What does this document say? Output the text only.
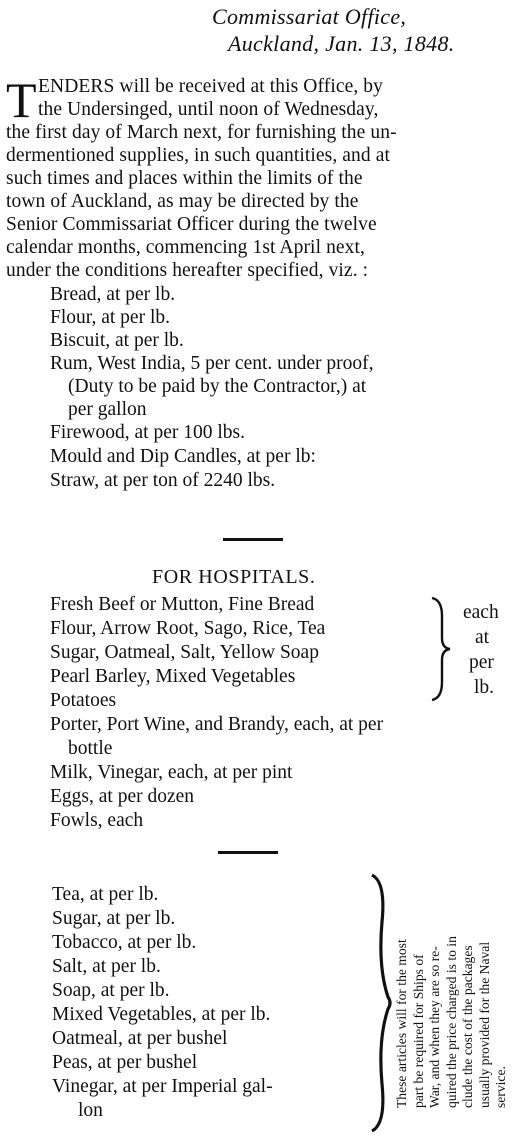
Commissariat Office,
Auckland, Jan. 13, 1848.
T ENDERS will be received at this Office, by
the Undersinged, until noon of Wednesday,
the first day of March next, for furnishing the un-
dermentioned supplies, in such quantities, and at
such times and places within the limits of the
town of Auckland, as may be directed by the
Senior Commissariat Officer during the twelve
calendar months, commencing 1st April next,
under the conditions hereafter specified, viz. :
Bread, at per lb.
Flour, at per lb.
Biscuit, at per lb.
Rum, West India, 5 per cent. under proof,
(Duty to be paid by the Contractor,) at
per gallon
Firewood, at per 100 lbs.
Mould and Dip Candles, at per lb:
Straw, at per ton of 2240 lbs.
FOR HOSPITALS.
Fresh Beef or Mutton, Fine Bread
Flour, Arrow Root, Sago, Rice, Tea
Sugar, Oatmeal, Salt, Yellow Soap
Pearl Barley, Mixed Vegetables
each
at
per
lb.
Potatoes
Porter, Port Wine, and Brandy, each, at per
bottle
Milk, Vinegar, each, at per pint
Eggs, at per dozen
Fowls, each
Tea, at per lb.
Sugar, at per lb.
Tobacco, at per lb.
Salt, at per lb.
Soap, at per lb.
Mixed Vegetables, at per lb.
Oatmeal, at per bushel
Peas, at per bushel
Vinegar, at per Imperial gal-
lon
These articles will for the most part be required for Ships of War, and when they are so re- quired the price charged is to in clude the cost of the packages usually provided for the Naval service.
